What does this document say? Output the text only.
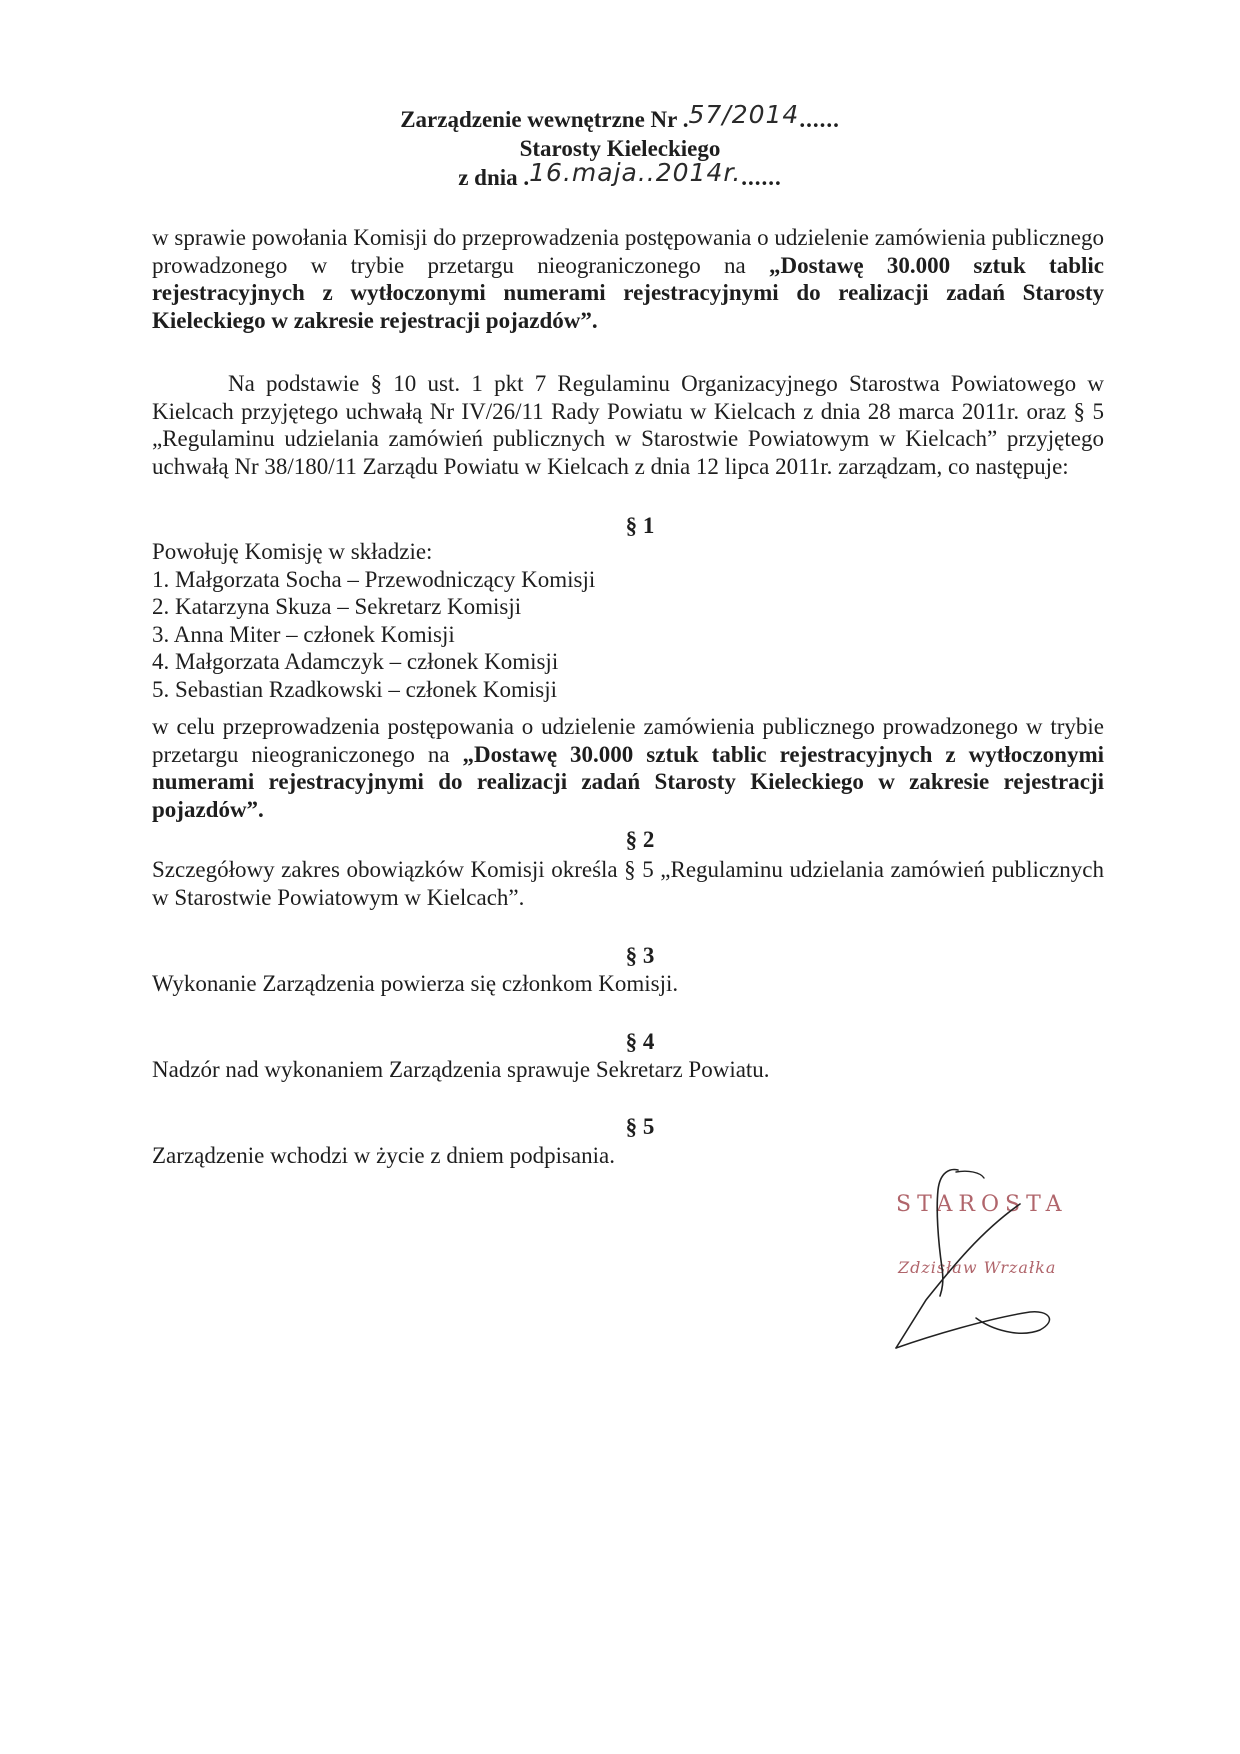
Zarządzenie wewnętrzne Nr .57/2014......
Starosty Kieleckiego
z dnia .16.maja..2014r.......
w sprawie powołania Komisji do przeprowadzenia postępowania o udzielenie zamówienia publicznego prowadzonego w trybie przetargu nieograniczonego na „Dostawę 30.000 sztuk tablic rejestracyjnych z wytłoczonymi numerami rejestracyjnymi do realizacji zadań Starosty Kieleckiego w zakresie rejestracji pojazdów”.
Na podstawie § 10 ust. 1 pkt 7 Regulaminu Organizacyjnego Starostwa Powiatowego w Kielcach przyjętego uchwałą Nr IV/26/11 Rady Powiatu w Kielcach z dnia 28 marca 2011r. oraz § 5 „Regulaminu udzielania zamówień publicznych w Starostwie Powiatowym w Kielcach” przyjętego uchwałą Nr 38/180/11 Zarządu Powiatu w Kielcach z dnia 12 lipca 2011r. zarządzam, co następuje:
§ 1
Powołuję Komisję w składzie:
1. Małgorzata Socha – Przewodniczący Komisji
2. Katarzyna Skuza – Sekretarz Komisji
3. Anna Miter – członek Komisji
4. Małgorzata Adamczyk – członek Komisji
5. Sebastian Rzadkowski – członek Komisji
w celu przeprowadzenia postępowania o udzielenie zamówienia publicznego prowadzonego w trybie przetargu nieograniczonego na „Dostawę 30.000 sztuk tablic rejestracyjnych z wytłoczonymi numerami rejestracyjnymi do realizacji zadań Starosty Kieleckiego w zakresie rejestracji pojazdów”.
§ 2
Szczegółowy zakres obowiązków Komisji określa § 5 „Regulaminu udzielania zamówień publicznych w Starostwie Powiatowym w Kielcach”.
§ 3
Wykonanie Zarządzenia powierza się członkom Komisji.
§ 4
Nadzór nad wykonaniem Zarządzenia sprawuje Sekretarz Powiatu.
§ 5
Zarządzenie wchodzi w życie z dniem podpisania.
STAROSTA
Zdzisław Wrzałka
